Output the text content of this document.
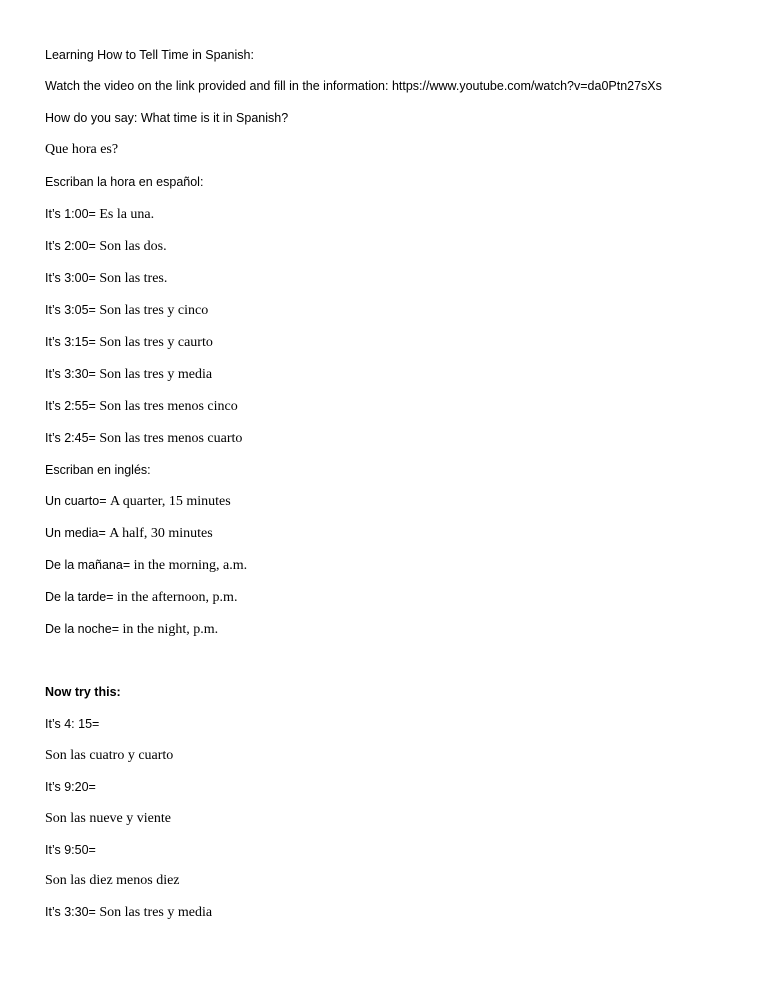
Learning How to Tell Time in Spanish:
Watch the video on the link provided and fill in the information: https://www.youtube.com/watch?v=da0Ptn27sXs
How do you say: What time is it in Spanish?
Que hora es?
Escriban la hora en español:
It’s 1:00= Es la una.
It’s 2:00= Son las dos.
It’s 3:00= Son las tres.
It’s 3:05= Son las tres y cinco
It’s 3:15= Son las tres y caurto
It’s 3:30= Son las tres y media
It’s 2:55= Son las tres menos cinco
It’s 2:45= Son las tres menos cuarto
Escriban en inglés:
Un cuarto= A quarter, 15 minutes
Un media= A half, 30 minutes
De la mañana= in the morning, a.m.
De la tarde= in the afternoon, p.m.
De la noche= in the night, p.m.
Now try this:
It’s 4: 15=
Son las cuatro y cuarto
It’s 9:20=
Son las nueve y viente
It’s 9:50=
Son las diez menos diez
It’s 3:30= Son las tres y media
